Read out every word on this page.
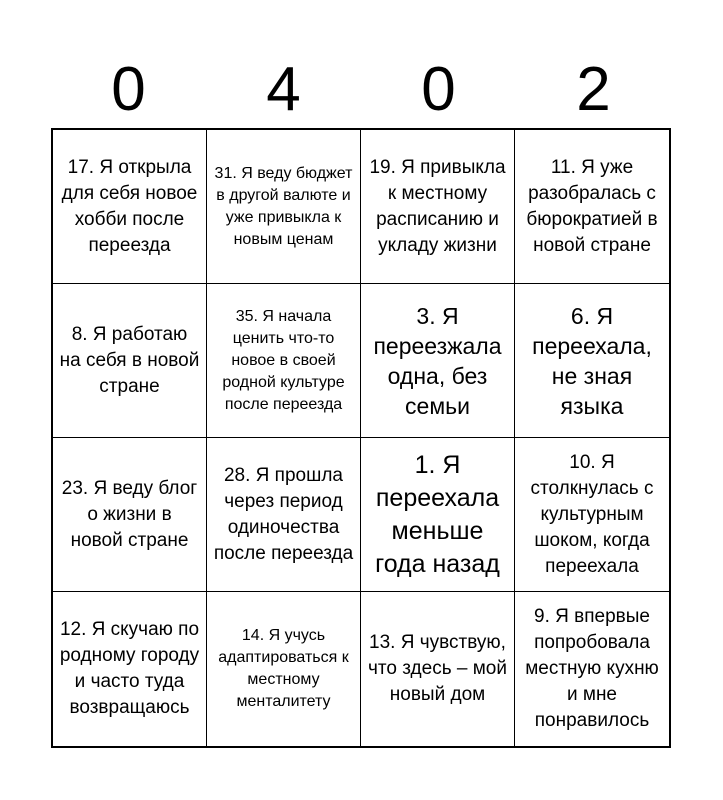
0	4	0	2
17. Я открыла для себя новое хобби после переезда
31. Я веду бюджет в другой валюте и уже привыкла к новым ценам
19. Я привыкла к местному расписанию и укладу жизни
11. Я уже разобралась с бюрократией в новой стране
8. Я работаю на себя в новой стране
35. Я начала ценить что-то новое в своей родной культуре после переезда
3. Я переезжала одна, без семьи
6. Я переехала, не зная языка
23. Я веду блог о жизни в новой стране
28. Я прошла через период одиночества после переезда
1. Я переехала меньше года назад
10. Я столкнулась с культурным шоком, когда переехала
12. Я скучаю по родному городу и часто туда возвращаюсь
14. Я учусь адаптироваться к местному менталитету
13. Я чувствую, что здесь – мой новый дом
9. Я впервые попробовала местную кухню и мне понравилось
